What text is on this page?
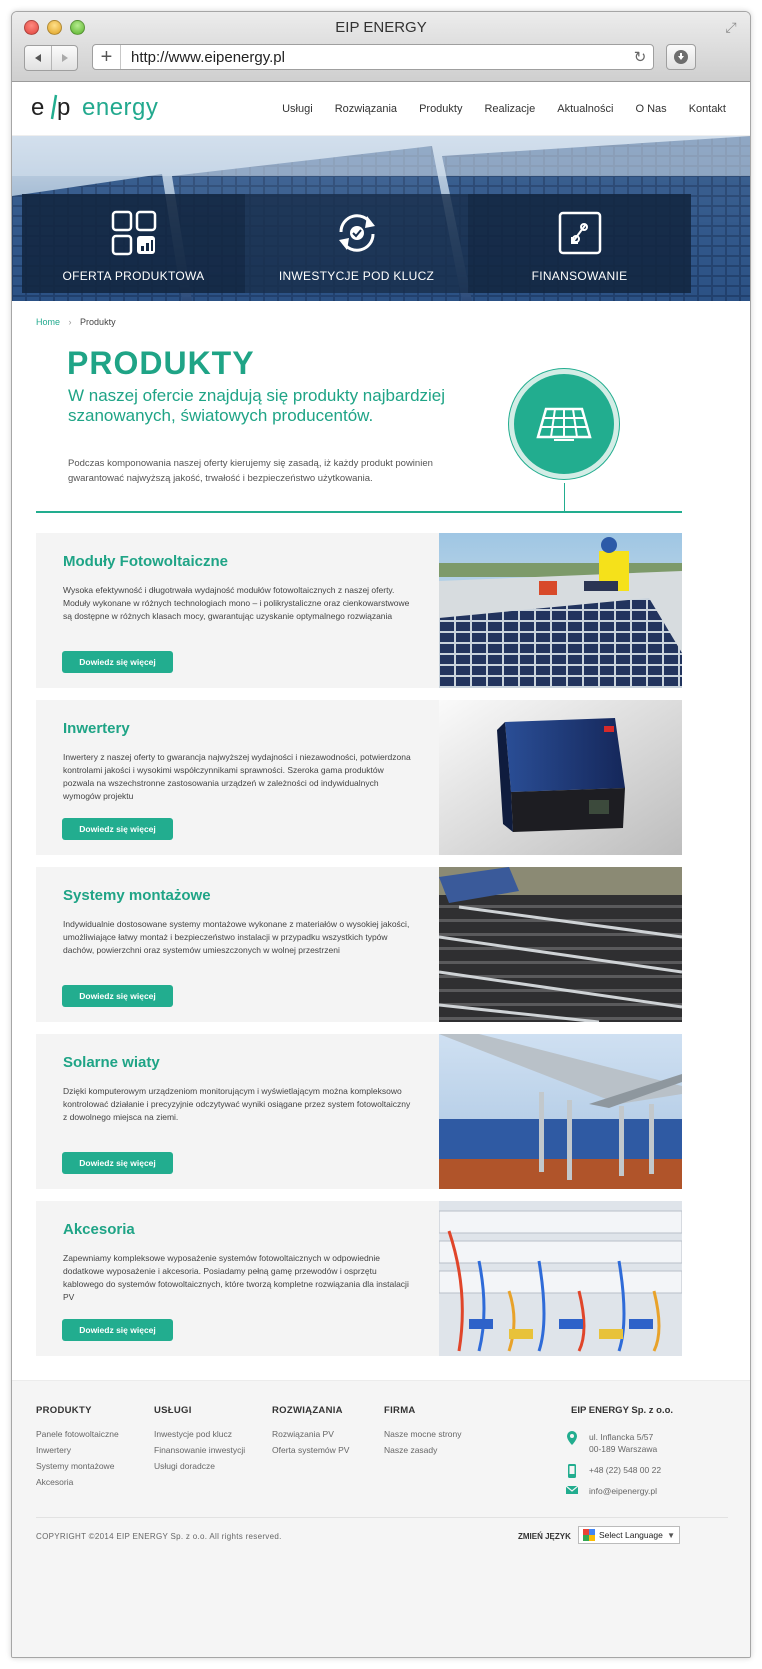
EIP ENERGY	⤢
+	http://www.eipenergy.pl	↻
e p energy	Usługi Rozwiązania Produkty Realizacje Aktualności O Nas Kontakt
OFERTA PRODUKTOWA	INWESTYCJE POD KLUCZ	FINANSOWANIE
Home › Produkty
PRODUKTY
W naszej ofercie znajdują się produkty najbardziej szanowanych, światowych producentów.
Podczas komponowania naszej oferty kierujemy się zasadą, iż każdy produkt powinien gwarantować najwyższą jakość, trwałość i bezpieczeństwo użytkowania.
Moduły Fotowoltaiczne
Wysoka efektywność i długotrwała wydajność modułów fotowoltaicznych z naszej oferty. Moduły wykonane w różnych technologiach mono – i polikrystaliczne oraz cienkowarstwowe są dostępne w różnych klasach mocy, gwarantując uzyskanie optymalnego rozwiązania
Dowiedz się więcej
Inwertery
Inwertery z naszej oferty to gwarancja najwyższej wydajności i niezawodności, potwierdzona kontrolami jakości i wysokimi współczynnikami sprawności. Szeroka gama produktów pozwala na wszechstronne zastosowania urządzeń w zależności od indywidualnych wymogów projektu
Dowiedz się więcej
Systemy montażowe
Indywidualnie dostosowane systemy montażowe wykonane z materiałów o wysokiej jakości, umożliwiające łatwy montaż i bezpieczeństwo instalacji w przypadku wszystkich typów dachów, powierzchni oraz systemów umieszczonych w wolnej przestrzeni
Dowiedz się więcej
Solarne wiaty
Dzięki komputerowym urządzeniom monitorującym i wyświetlającym można kompleksowo kontrolować działanie i precyzyjnie odczytywać wyniki osiągane przez system fotowoltaiczny z dowolnego miejsca na ziemi.
Dowiedz się więcej
Akcesoria
Zapewniamy kompleksowe wyposażenie systemów fotowoltaicznych w odpowiednie dodatkowe wyposażenie i akcesoria. Posiadamy pełną gamę przewodów i osprzętu kablowego do systemów fotowoltaicznych, które tworzą kompletne rozwiązania dla instalacji PV
Dowiedz się więcej
PRODUKTY
Panele fotowoltaiczne
Inwertery
Systemy montażowe
Akcesoria
USŁUGI
Inwestycje pod klucz
Finansowanie inwestycji
Usługi doradcze
ROZWIĄZANIA
Rozwiązania PV
Oferta systemów PV
FIRMA
Nasze mocne strony
Nasze zasady
EIP ENERGY Sp. z o.o.
ul. Inflancka 5/57
00-189 Warszawa
+48 (22) 548 00 22
info@eipenergy.pl
COPYRIGHT ©2014 EIP ENERGY Sp. z o.o. All rights reserved.	ZMIEŃ JĘZYK	Select Language ▼
